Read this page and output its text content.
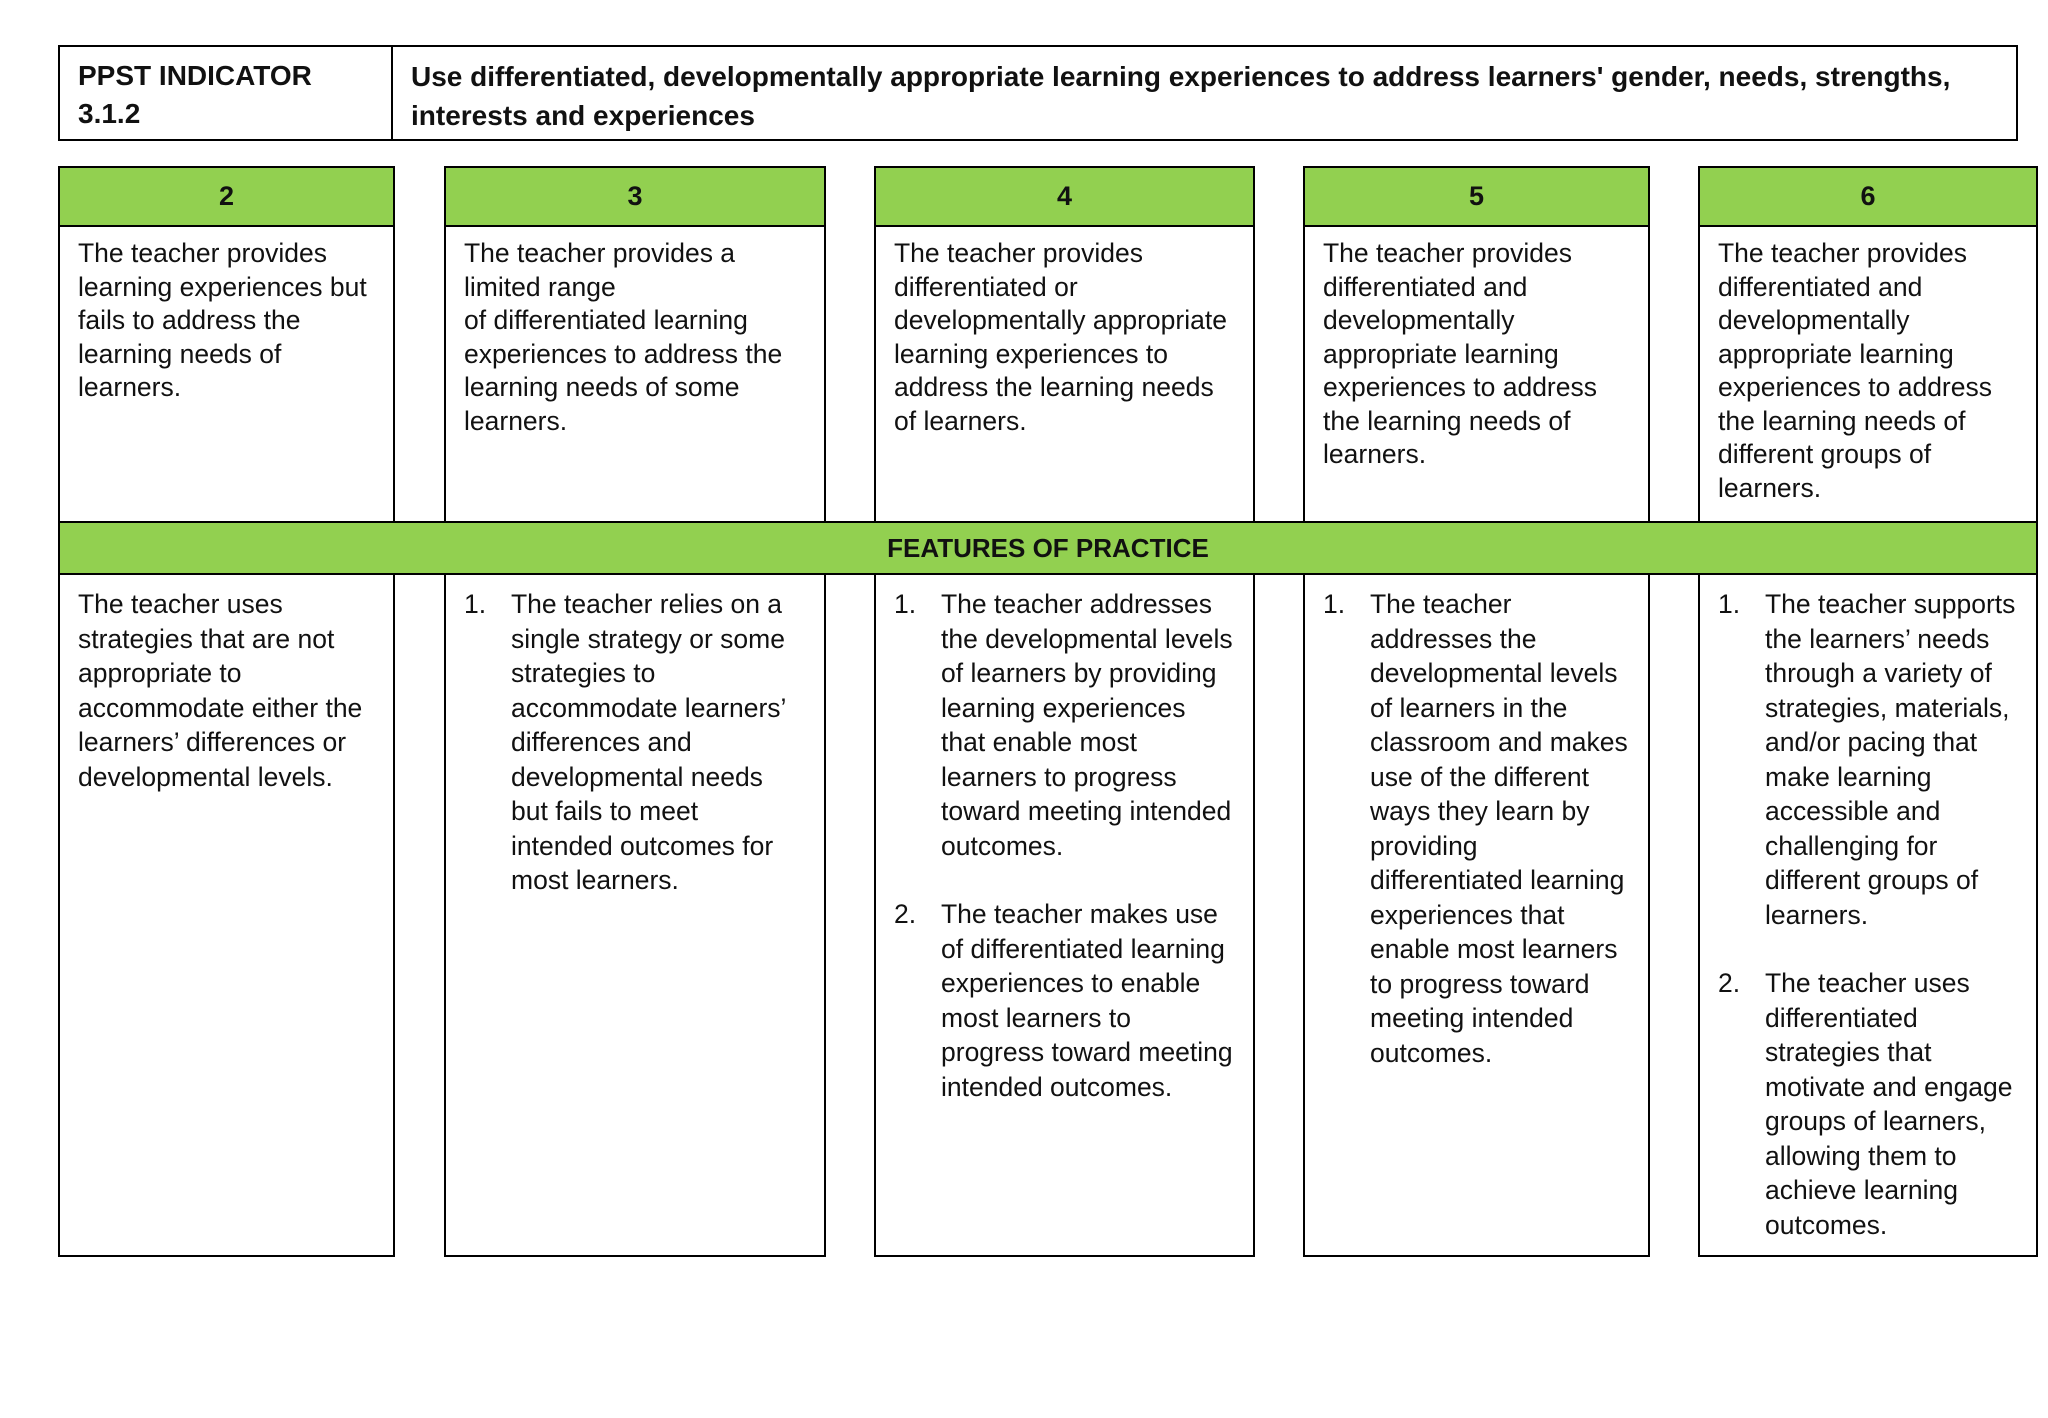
PPST INDICATOR 3.1.2
Use differentiated, developmentally appropriate learning experiences to address learners' gender, needs, strengths, interests and experiences
2
The teacher provides learning experiences but fails to address the learning needs of learners.
3
The teacher provides a limited range
of differentiated learning experiences to address the learning needs of some learners.
4
The teacher provides differentiated or developmentally appropriate learning experiences to address the learning needs of learners.
5
The teacher provides differentiated and developmentally appropriate learning experiences to address the learning needs of learners.
6
The teacher provides differentiated and developmentally appropriate learning experiences to address the learning needs of different groups of learners.
FEATURES OF PRACTICE
The teacher uses strategies that are not appropriate to accommodate either the learners’ differences or developmental levels.
1. The teacher relies on a single strategy or some strategies to accommodate learners’ differences and developmental needs but fails to meet intended outcomes for most learners.
1. The teacher addresses the developmental levels of learners by providing learning experiences that enable most learners to progress toward meeting intended outcomes.
2. The teacher makes use of differentiated learning experiences to enable most learners to progress toward meeting intended outcomes.
1. The teacher addresses the developmental levels of learners in the classroom and makes use of the different ways they learn by providing differentiated learning experiences that enable most learners to progress toward meeting intended outcomes.
1. The teacher supports the learners’ needs through a variety of strategies, materials, and/or pacing that make learning accessible and challenging for different groups of learners.
2. The teacher uses differentiated strategies that motivate and engage groups of learners, allowing them to achieve learning outcomes.
